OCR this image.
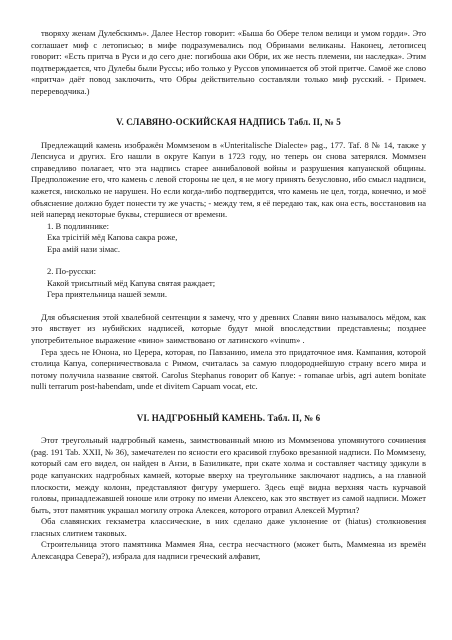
творяху женам Дулебскимъ». Далее Нестор говорит: «Быша бо Обере телом велици и умом горди». Это соглашает миф с летописью; в мифе подразумевались под Обринами великаны. Наконец, летописец говорит: «Есть притча в Руси и до сего дне: погибоша аки Обри, их же несть племени, ни наследка». Этим подтверждается, что Дулебы были Руссы; ибо только у Руссов упоминается об этой притче. Самоё же слово «притча» даёт повод заключить, что Обры действительно составляли только миф русский. - Примеч. перереводчика.)

V. СЛАВЯНО-ОСКИЙСКАЯ НАДПИСЬ Табл. II, № 5

Предлежащий камень изображён Моммзеном в «Unteritalische Dialecte» pag., 177. Taf. 8 № 14, также у Лепсиуса и других. Его нашли в округе Капуи в 1723 году, но теперь он снова затерялся. Моммзен справедливо полагает, что эта надпись старее аннибаловой войны и разрушения капуанской общины. Предположение его, что камень с левой стороны не цел, я не могу принять безусловно, ибо смысл надписи, кажется, нисколько не нарушен. Но если когда-либо подтвердится, что камень не цел, тогда, конечно, и моё объяснение должно будет понести ту же участь; - между тем, я её передаю так, как она есть, восстановив на ней напервд некоторые буквы, стершиеся от времени.

1. В подлиннике:

Ека трісітій мёд Капова сакра роже,

Ера амій нази зімас.

2. По-русски:

Какой трисытный мёд Капува святая раждает;

Гера приятельница нашей земли.

Для объяснения этой хвалебной сентенции я замечу, что у древних Славян вино называлось мёдом, как это явствует из нубийских надписей, которые будут мной впоследствии представлены; позднее употребительное выражение «вино» заимствовано от латинского «vinum» .

Гера здесь не Юнона, но Церера, которая, по Павзанию, имела это придаточное имя. Кампания, которой столица Капуа, соперничествовала с Римом, считалась за самую плодороднейшую страну всего мира и потому получила название святой. Carolus Stephanus говорит об Капуе: - romanae urbis, agri autem bonitate nulli terrarum post-habendam, unde et divitem Capuam vocat, etc.

VI. НАДГРОБНЫЙ КАМЕНЬ. Табл. II, № 6

Этот треугольный надгробный камень, заимствованный мною из Моммзенова упомянутого сочинения (pag. 191 Tab. XXII, № 36), замечателен по ясности его красивой глубоко врезанной надписи. По Моммзену, который сам его видел, он найден в Анзи, в Базиликате, при скате холма и составляет частицу эдикули в роде капуанских надгробных камней, которые вверху на треугольнике заключают надпись, а на главной плоскости, между колонн, представляют фигуру умершего. Здесь ещё видна верхняя часть курчавой головы, принадлежавшей юноше или отроку по имени Алексею, как это явствует из самой надписи. Может быть, этот памятник украшал могилу отрока Алексея, которого отравил Алексей Муртил?

Оба славянских гекзаметра классические, в них сделано даже уклонение от (hiatus) столкновения гласных слитием таковых.

Строительница этого памятника Маммея Яна, сестра несчастного (может быть, Маммеяна из времён Александра Севера?), избрала для надписи греческий алфавит,
